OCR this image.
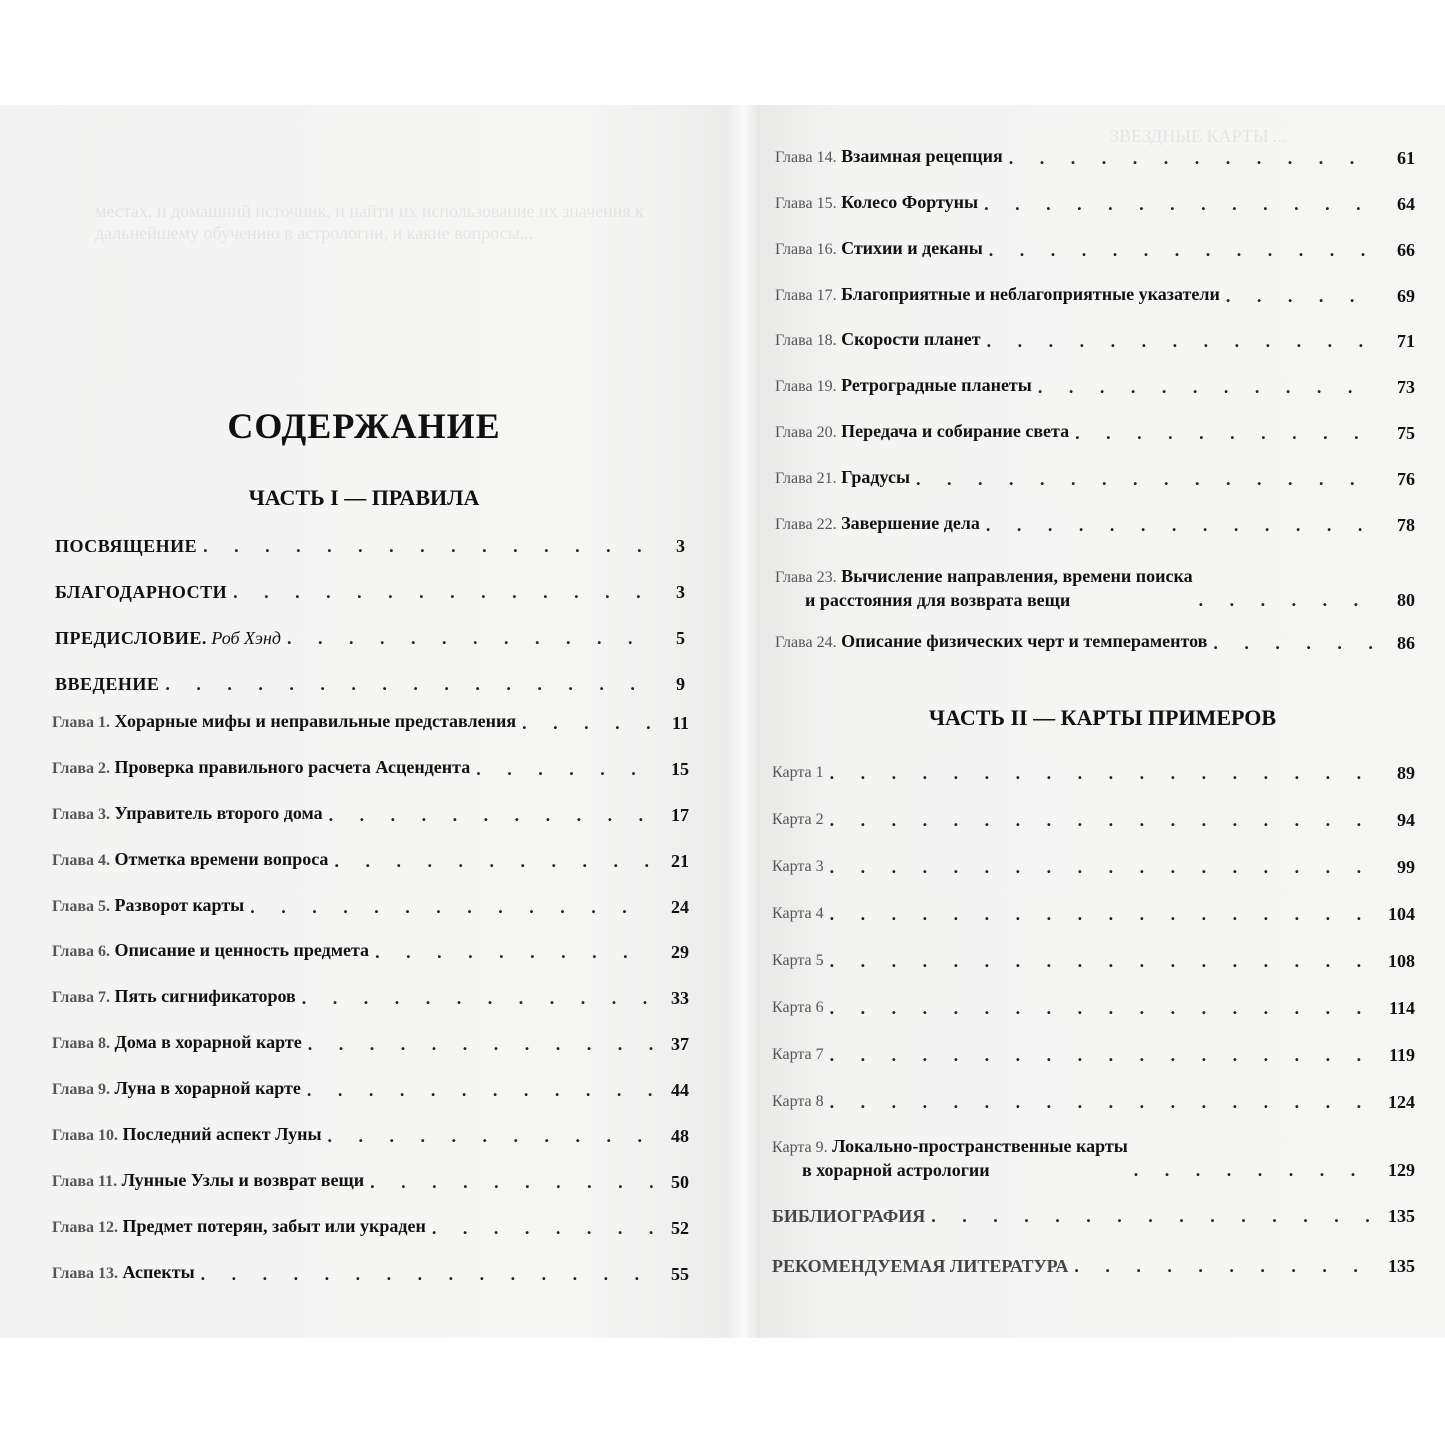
местах, и домашний источник, и найти их использование их значения к дальнейшему обучению в астрологии, и какие вопросы...
СОДЕРЖАНИЕ
ЧАСТЬ I — ПРАВИЛА
ПОСВЯЩЕНИЕ . . .	3
БЛАГОДАРНОСТИ . . .	3
ПРЕДИСЛОВИЕ. Роб Хэнд . . .	5
ВВЕДЕНИЕ . . .	9
Глава 1. Хорарные мифы и неправильные представления . . .	11
Глава 2. Проверка правильного расчета Асцендента . . .	15
Глава 3. Управитель второго дома . . .	17
Глава 4. Отметка времени вопроса . . .	21
Глава 5. Разворот карты . . .	24
Глава 6. Описание и ценность предмета . . .	29
Глава 7. Пять сигнификаторов . . .	33
Глава 8. Дома в хорарной карте . . .	37
Глава 9. Луна в хорарной карте . . .	44
Глава 10. Последний аспект Луны . . .	48
Глава 11. Лунные Узлы и возврат вещи . . .	50
Глава 12. Предмет потерян, забыт или украден . . .	52
Глава 13. Аспекты . . .	55
ЗВЕЗДНЫЕ КАРТЫ ...
ЧАСТЬ II — КАРТЫ ПРИМЕРОВ
Глава 14. Взаимная рецепция . . .	61
Глава 15. Колесо Фортуны . . .	64
Глава 16. Стихии и деканы . . .	66
Глава 17. Благоприятные и неблагоприятные указатели . . .	69
Глава 18. Скорости планет . . .	71
Глава 19. Ретроградные планеты . . .	73
Глава 20. Передача и собирание света . . .	75
Глава 21. Градусы . . .	76
Глава 22. Завершение дела . . .	78
Глава 23. Вычисление направления, времени поиска
и расстояния для возврата вещи . . .	80
Глава 24. Описание физических черт и темпераментов . . .	86
Карта 1 . . .	89
Карта 2 . . .	94
Карта 3 . . .	99
Карта 4 . . .	104
Карта 5 . . .	108
Карта 6 . . .	114
Карта 7 . . .	119
Карта 8 . . .	124
Карта 9. Локально-пространственные карты
в хорарной астрологии . . .	129
БИБЛИОГРАФИЯ . . .	135
РЕКОМЕНДУЕМАЯ ЛИТЕРАТУРА . . .	135
